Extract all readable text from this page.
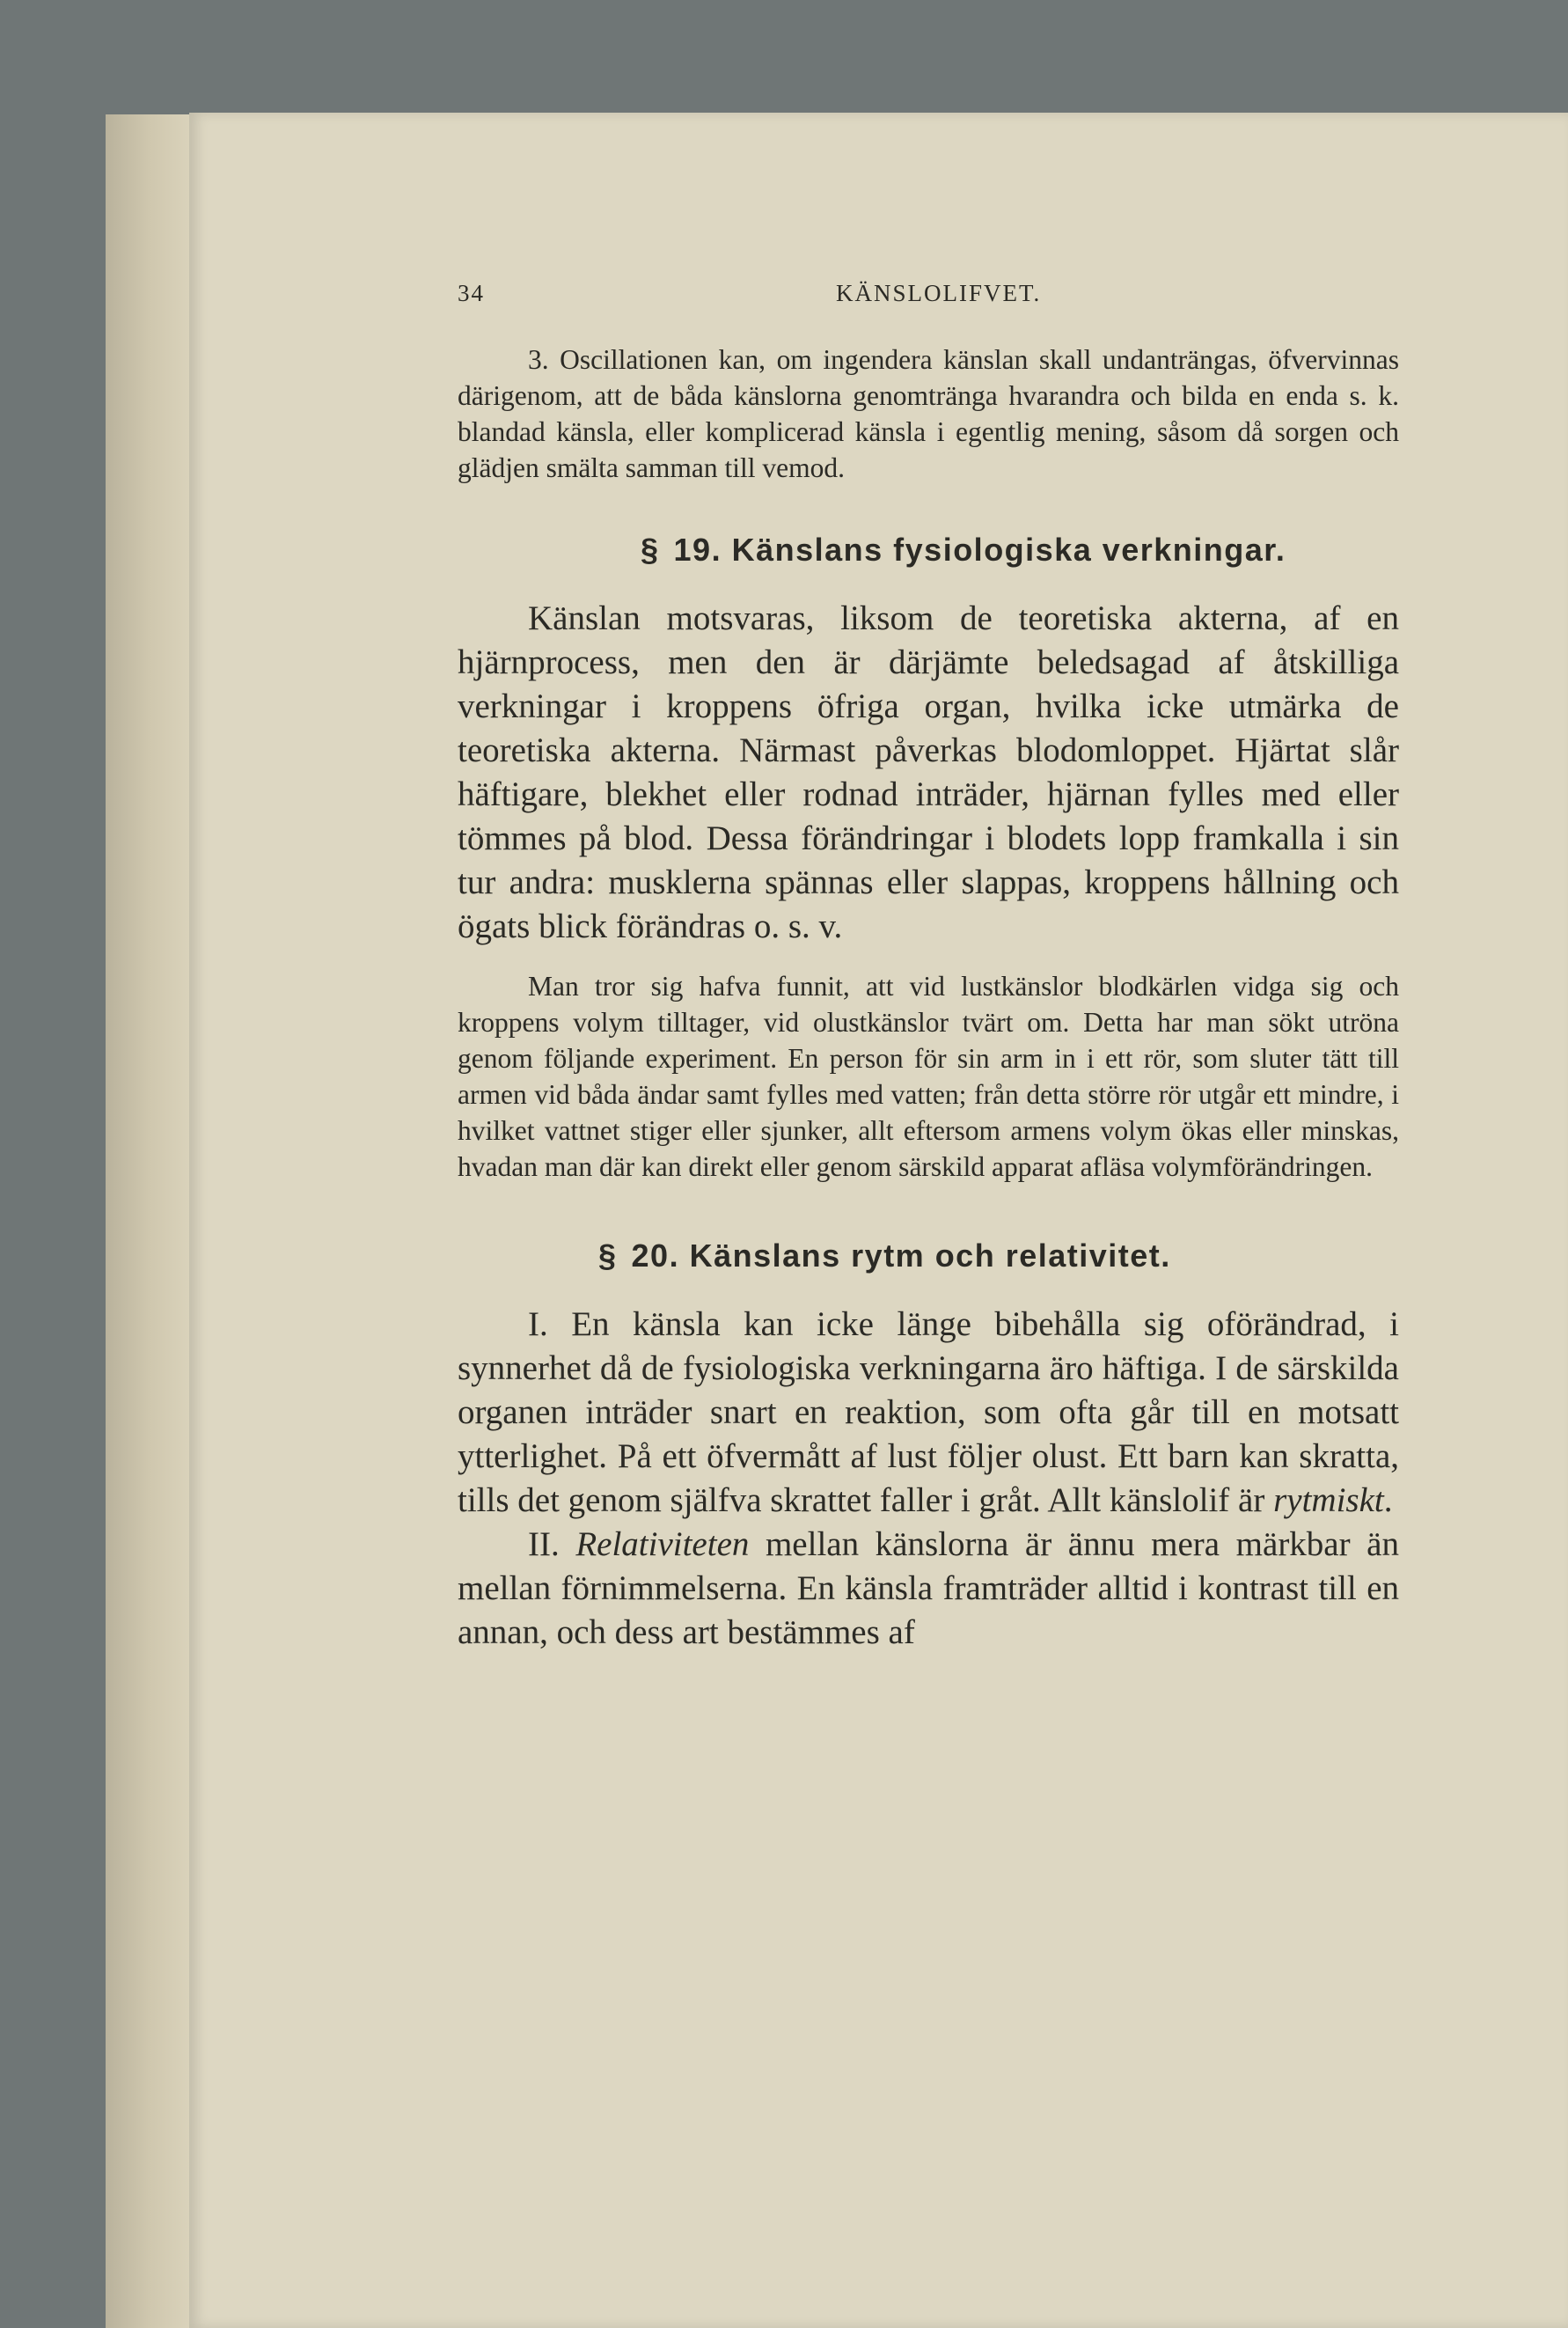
34	KÄNSLOLIFVET.

3. Oscillationen kan, om ingendera känslan skall undanträngas, öfvervinnas därigenom, att de båda känslorna genomtränga hvarandra och bilda en enda s. k. blandad känsla, eller komplicerad känsla i egentlig mening, såsom då sorgen och glädjen smälta samman till vemod.

§ 19. Känslans fysiologiska verkningar.

Känslan motsvaras, liksom de teoretiska akterna, af en hjärnprocess, men den är därjämte beledsagad af åtskilliga verkningar i kroppens öfriga organ, hvilka icke utmärka de teoretiska akterna. Närmast påverkas blodomloppet. Hjärtat slår häftigare, blekhet eller rodnad inträder, hjärnan fylles med eller tömmes på blod. Dessa förändringar i blodets lopp framkalla i sin tur andra: musklerna spännas eller slappas, kroppens hållning och ögats blick förändras o. s. v.

Man tror sig hafva funnit, att vid lustkänslor blodkärlen vidga sig och kroppens volym tilltager, vid olustkänslor tvärt om. Detta har man sökt utröna genom följande experiment. En person för sin arm in i ett rör, som sluter tätt till armen vid båda ändar samt fylles med vatten; från detta större rör utgår ett mindre, i hvilket vattnet stiger eller sjunker, allt eftersom armens volym ökas eller minskas, hvadan man där kan direkt eller genom särskild apparat afläsa volymförändringen.

§ 20. Känslans rytm och relativitet.

I. En känsla kan icke länge bibehålla sig oförändrad, i synnerhet då de fysiologiska verkningarna äro häftiga. I de särskilda organen inträder snart en reaktion, som ofta går till en motsatt ytterlighet. På ett öfvermått af lust följer olust. Ett barn kan skratta, tills det genom själfva skrattet faller i gråt. Allt känslolif är rytmiskt.

II. Relativiteten mellan känslorna är ännu mera märkbar än mellan förnimmelserna. En känsla framträder alltid i kontrast till en annan, och dess art bestämmes af
